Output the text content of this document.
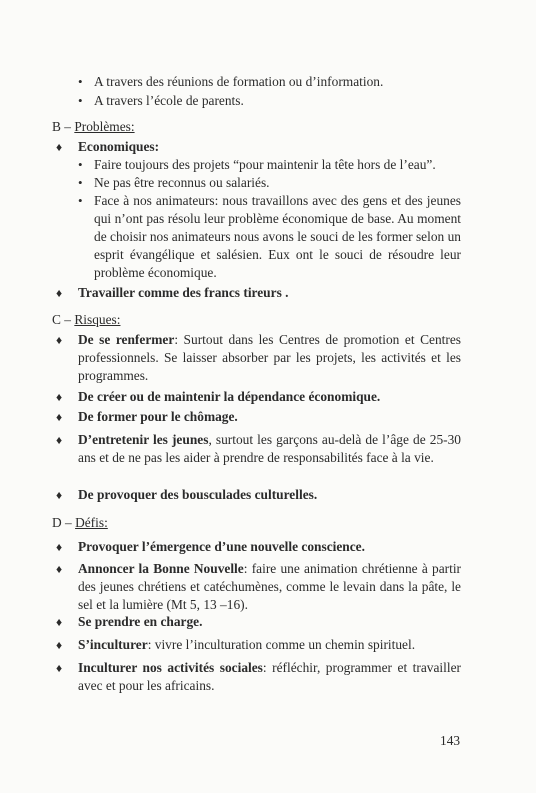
• A travers des réunions de formation ou d’information.
• A travers l’école de parents.
B – Problèmes:
♦ Economiques:
• Faire toujours des projets “pour maintenir la tête hors de l’eau”.
• Ne pas être reconnus ou salariés.
• Face à nos animateurs: nous travaillons avec des gens et des jeunes qui n’ont pas résolu leur problème économique de base. Au moment de choisir nos animateurs nous avons le souci de les former selon un esprit évangélique et salésien. Eux ont le souci de résoudre leur problème économique.
♦ Travailler comme des francs tireurs .
C – Risques:
♦ De se renfermer: Surtout dans les Centres de promotion et Centres professionnels. Se laisser absorber par les projets, les activités et les programmes.
♦ De créer ou de maintenir la dépendance économique.
♦ De former pour le chômage.
♦ D’entretenir les jeunes, surtout les garçons au-delà de l’âge de 25-30 ans et de ne pas les aider à prendre de responsabilités face à la vie.
♦ De provoquer des bousculades culturelles.
D – Défis:
♦ Provoquer l’émergence d’une nouvelle conscience.
♦ Annoncer la Bonne Nouvelle: faire une animation chrétienne à partir des jeunes chrétiens et catéchumènes, comme le levain dans la pâte, le sel et la lumière (Mt 5, 13 –16).
♦ Se prendre en charge.
♦ S’inculturer: vivre l’inculturation comme un chemin spirituel.
♦ Inculturer nos activités sociales: réfléchir, programmer et travailler avec et pour les africains.
143
